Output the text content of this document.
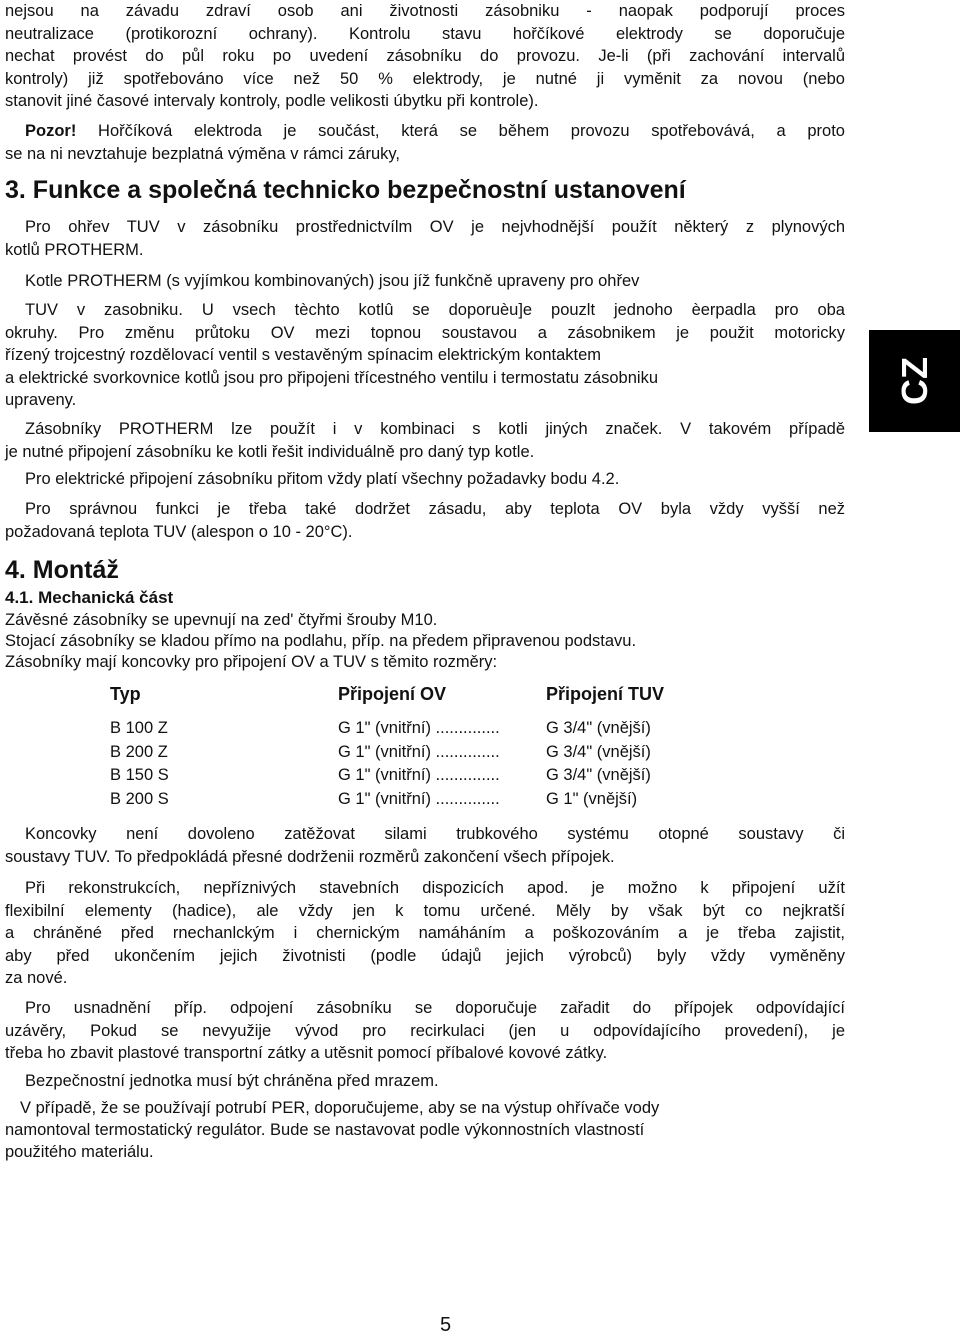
CZ
nejsou na závadu zdraví osob ani životnosti zásobniku - naopak podporují proces
neutralizace (protikorozní ochrany). Kontrolu stavu hořčíkové elektrody se doporučuje
nechat provést do půl roku po uvedení zásobníku do provozu. Je-li (při zachování intervalů
kontroly) již spotřebováno více než 50 % elektrody, je nutné ji vyměnit za novou (nebo
stanovit jiné časové intervaly kontroly, podle velikosti úbytku při kontrole).
Pozor! Hořčíková elektroda je součást, která se během provozu spotřebovává, a proto
se na ni nevztahuje bezplatná výměna v rámci záruky,
3. Funkce a společná technicko bezpečnostní ustanovení
Pro ohřev TUV v zásobníku prostřednictvílm OV je nejvhodnější použít některý z plynových
kotlů PROTHERM.
Kotle PROTHERM (s vyjímkou kombinovaných) jsou jíž funkčně upraveny pro ohřev
TUV v zasobniku. U vsech tèchto kotlû se doporuèu]e pouzlt jednoho èerpadla pro oba
okruhy. Pro změnu průtoku OV mezi topnou soustavou a zásobnikem je použit motoricky
řízený trojcestný rozdělovací ventil s vestavěným spínacim elektrickým kontaktem
a elektrické svorkovnice kotlů jsou pro připojeni třícestného ventilu i termostatu zásobniku
upraveny.
Zásobníky PROTHERM lze použít i v kombinaci s kotli jiných značek. V takovém případě
je nutné připojení zásobníku ke kotli řešit individuálně pro daný typ kotle.
Pro elektrické připojení zásobníku přitom vždy platí všechny požadavky bodu 4.2.
Pro správnou funkci je třeba také dodržet zásadu, aby teplota OV byla vždy vyšší než
požadovaná teplota TUV (alespon ο 10 - 20°C).
4. Montáž
4.1. Mechanická část
Závěsné zásobníky se upevnují na zed' čtyřmi šrouby M10.
Stojací zásobníky se kladou přímo na podlahu, příp. na předem připravenou podstavu.
Zásobníky mají koncovky pro připojení OV a TUV s těmito rozměry:
Typ	Připojení OV	Připojení TUV
B 100 Z	G 1" (vnitřní) ..............	G 3/4" (vnější)
B 200 Z	G 1" (vnitřní) ..............	G 3/4" (vnější)
B 150 S	G 1" (vnitřní) ..............	G 3/4" (vnější)
B 200 S	G 1" (vnitřní) ..............	G 1" (vnější)
Koncovky není dovoleno zatěžovat silami trubkového systému otopné soustavy či
soustavy TUV. To předpokládá přesné dodrženii rozměrů zakončení všech přípojek.
Při rekonstrukcích, nepříznivých stavebních dispozicích apod. je možno k připojení užít
flexibilní elementy (hadice), ale vždy jen k tomu určené. Měly by však být co nejkratší
a chráněné před rnechanlckým i chernickým namáháním a poškozováním a je třeba zajistit,
aby před ukončením jejich životnisti (podle údajů jejich výrobců) byly vždy vyměněny
za nové.
Pro usnadnění příp. odpojení zásobníku se doporučuje zařadit do přípojek odpovídající
uzávěry, Pokud se nevyužije vývod pro recirkulaci (jen u odpovídajícího provedení), je
třeba ho zbavit plastové transportní zátky a utěsnit pomocí příbalové kovové zátky.
Bezpečnostní jednotka musí být chráněna před mrazem.
V případě, že se používají potrubí PER, doporučujeme, aby se na výstup ohřívače vody
namontoval termostatický regulátor. Bude se nastavovat podle výkonnostních vlastností
použitého materiálu.
5
